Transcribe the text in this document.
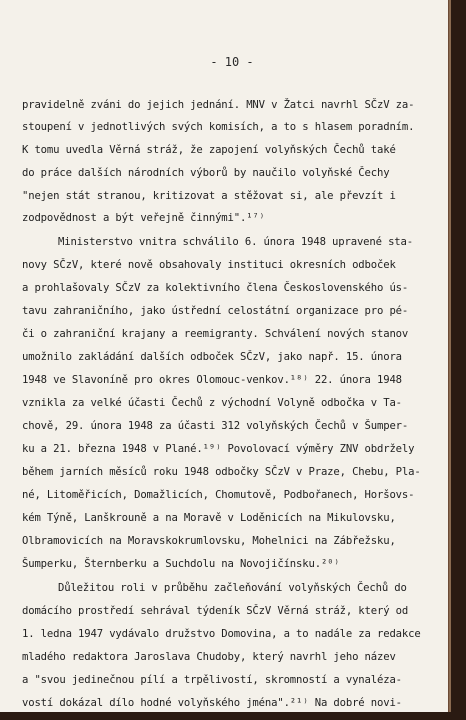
- 10 -
pravidelně zváni do jejich jednání. MNV v Žatci navrhl SČzV za-
stoupení v jednotlivých svých komisích, a to s hlasem poradním.
K tomu uvedla Věrná stráž, že zapojení volyňských Čechů také
do práce dalších národních výborů by naučilo volyňské Čechy
"nejen stát stranou, kritizovat a stěžovat si, ale převzít i
zodpovědnost a být veřejně činnými".¹⁷⁾
Ministerstvo vnitra schválilo 6. února 1948 upravené sta-
novy SČzV, které nově obsahovaly instituci okresních odboček
a prohlašovaly SČzV za kolektivního člena Československého ús-
tavu zahraničního, jako ústřední celostátní organizace pro pé-
či o zahraniční krajany a reemigranty. Schválení nových stanov
umožnilo zakládání dalších odboček SČzV, jako např. 15. února
1948 ve Slavoníně pro okres Olomouc-venkov.¹⁸⁾ 22. února 1948
vznikla za velké účasti Čechů z východní Volyně odbočka v Ta-
chově, 29. února 1948 za účasti 312 volyňských Čechů v Šumper-
ku a 21. března 1948 v Plané.¹⁹⁾ Povolovací výměry ZNV obdržely
během jarních měsíců roku 1948 odbočky SČzV v Praze, Chebu, Pla-
né, Litoměřicích, Domažlicích, Chomutově, Podbořanech, Horšovs-
kém Týně, Lanškrouně a na Moravě v Loděnicích na Mikulovsku,
Olbramovicích na Moravskokrumlovsku, Mohelnici na Zábřežsku,
Šumperku, Šternberku a Suchdolu na Novojičínsku.²⁰⁾
Důležitou roli v průběhu začleňování volyňských Čechů do
domácího prostředí sehrával týdeník SČzV Věrná stráž, který od
1. ledna 1947 vydávalo družstvo Domovina, a to nadále za redakce
mladého redaktora Jaroslava Chudoby, který navrhl jeho název
a "svou jedinečnou pílí a trpělivostí, skromností a vynaléza-
vostí dokázal dílo hodné volyňského jména".²¹⁾ Na dobré novi-
